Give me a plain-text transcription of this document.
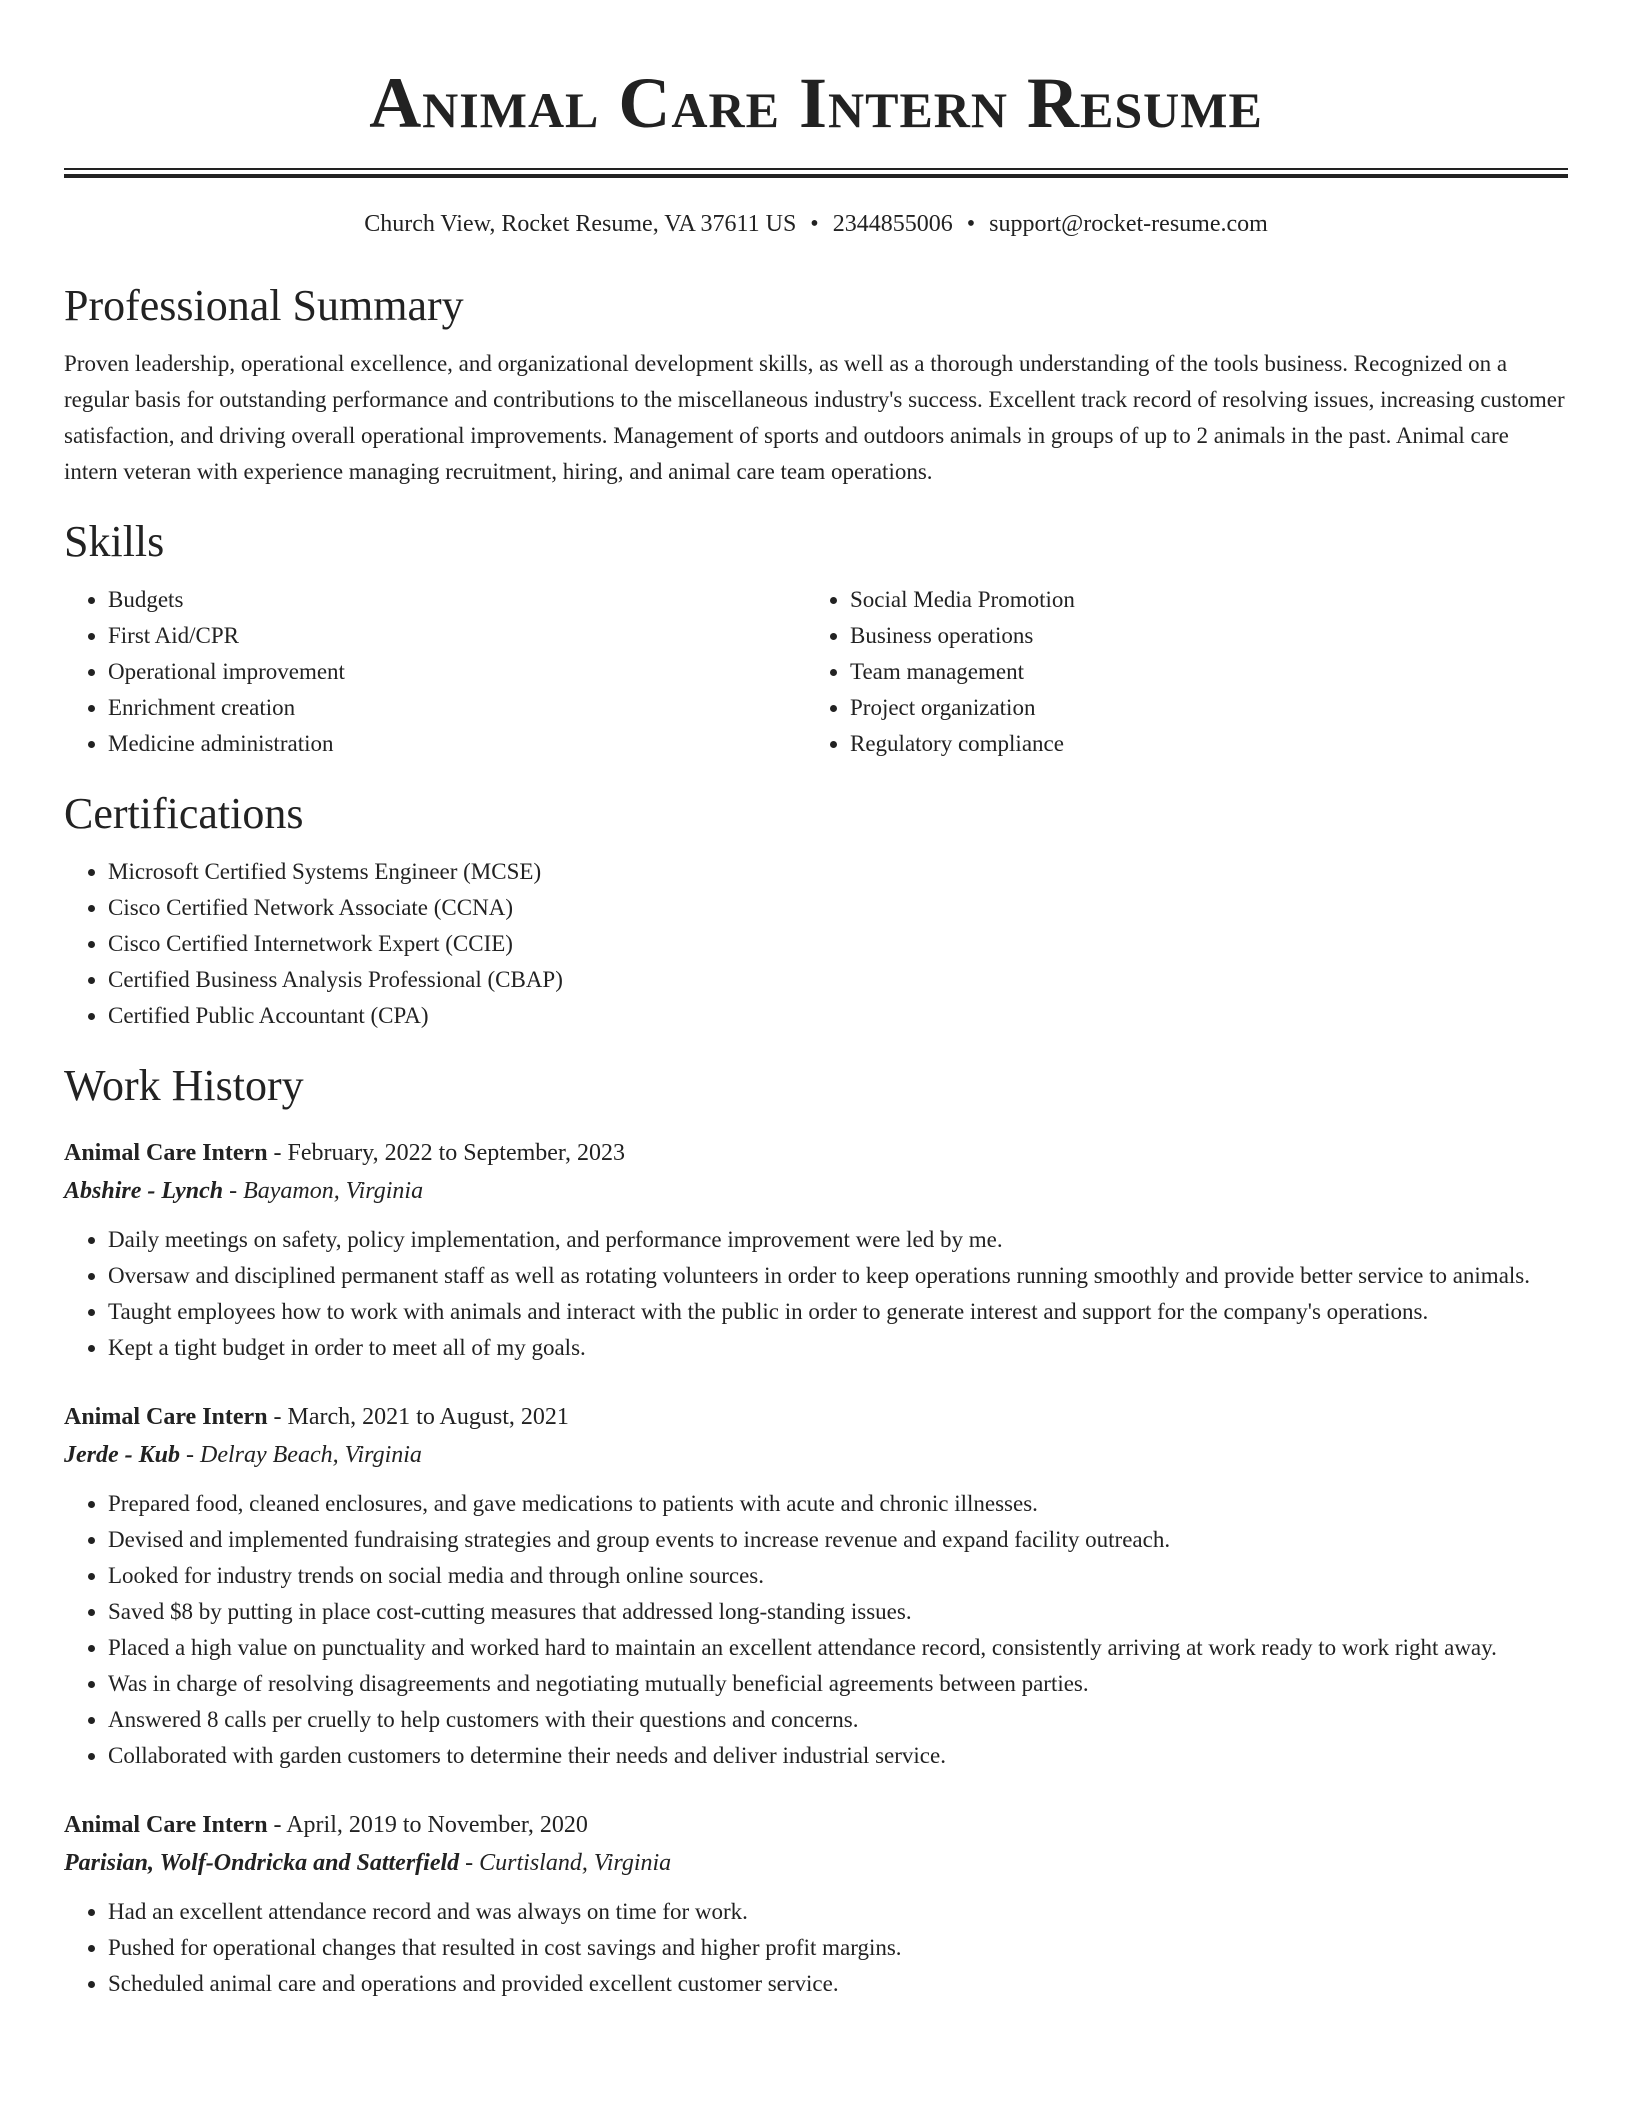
Animal Care Intern Resume
Church View, Rocket Resume, VA 37611 US • 2344855006 • support@rocket-resume.com
Professional Summary

Proven leadership, operational excellence, and organizational development skills, as well as a thorough understanding of the tools business. Recognized on a regular basis for outstanding performance and contributions to the miscellaneous industry's success. Excellent track record of resolving issues, increasing customer satisfaction, and driving overall operational improvements. Management of sports and outdoors animals in groups of up to 2 animals in the past. Animal care intern veteran with experience managing recruitment, hiring, and animal care team operations.

Skills
• Budgets
• First Aid/CPR
• Operational improvement
• Enrichment creation
• Medicine administration
• Social Media Promotion
• Business operations
• Team management
• Project organization
• Regulatory compliance
Certifications
• Microsoft Certified Systems Engineer (MCSE)
• Cisco Certified Network Associate (CCNA)
• Cisco Certified Internetwork Expert (CCIE)
• Certified Business Analysis Professional (CBAP)
• Certified Public Accountant (CPA)
Work History
Animal Care Intern - February, 2022 to September, 2023
Abshire - Lynch - Bayamon, Virginia
• Daily meetings on safety, policy implementation, and performance improvement were led by me.
• Oversaw and disciplined permanent staff as well as rotating volunteers in order to keep operations running smoothly and provide better service to animals.
• Taught employees how to work with animals and interact with the public in order to generate interest and support for the company's operations.
• Kept a tight budget in order to meet all of my goals.
Animal Care Intern - March, 2021 to August, 2021
Jerde - Kub - Delray Beach, Virginia
• Prepared food, cleaned enclosures, and gave medications to patients with acute and chronic illnesses.
• Devised and implemented fundraising strategies and group events to increase revenue and expand facility outreach.
• Looked for industry trends on social media and through online sources.
• Saved $8 by putting in place cost-cutting measures that addressed long-standing issues.
• Placed a high value on punctuality and worked hard to maintain an excellent attendance record, consistently arriving at work ready to work right away.
• Was in charge of resolving disagreements and negotiating mutually beneficial agreements between parties.
• Answered 8 calls per cruelly to help customers with their questions and concerns.
• Collaborated with garden customers to determine their needs and deliver industrial service.
Animal Care Intern - April, 2019 to November, 2020
Parisian, Wolf-Ondricka and Satterfield - Curtisland, Virginia
• Had an excellent attendance record and was always on time for work.
• Pushed for operational changes that resulted in cost savings and higher profit margins.
• Scheduled animal care and operations and provided excellent customer service.
